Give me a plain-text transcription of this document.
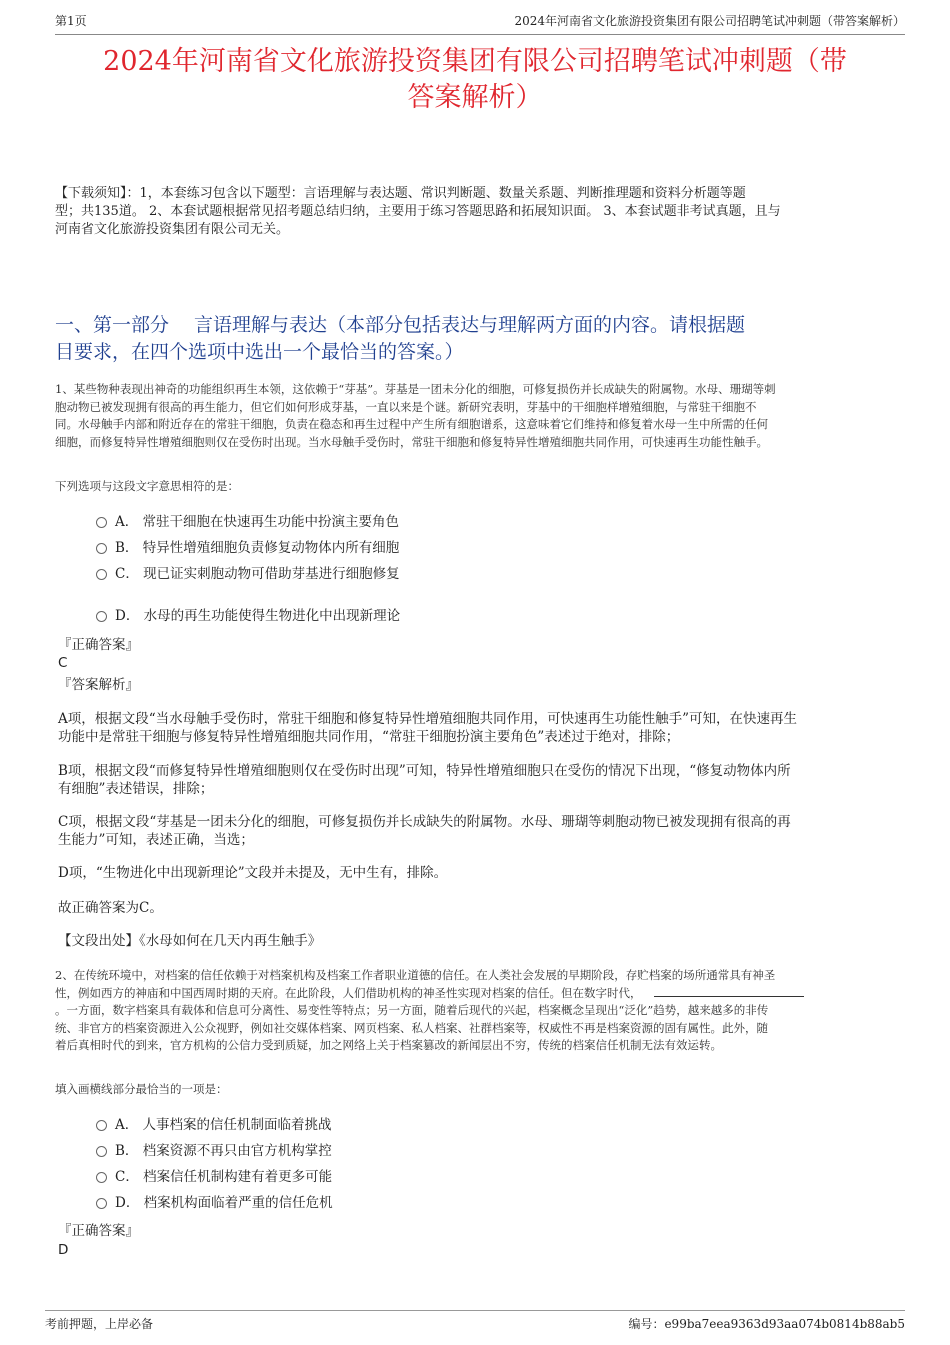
第1页	2024年河南省文化旅游投资集团有限公司招聘笔试冲刺题（带答案解析）
2024年河南省文化旅游投资集团有限公司招聘笔试冲刺题（带
答案解析）
【下载须知】：1，本套练习包含以下题型：言语理解与表达题、常识判断题、数量关系题、判断推理题和资料分析题等题
型；共135道。 2、本套试题根据常见招考题总结归纳，主要用于练习答题思路和拓展知识面。 3、本套试题非考试真题，且与
河南省文化旅游投资集团有限公司无关。
一、第一部分　 言语理解与表达（本部分包括表达与理解两方面的内容。请根据题
目要求，在四个选项中选出一个最恰当的答案。）
1、某些物种表现出神奇的功能组织再生本领，这依赖于“芽基”。芽基是一团未分化的细胞，可修复损伤并长成缺失的附属物。水母、珊瑚等刺
胞动物已被发现拥有很高的再生能力，但它们如何形成芽基，一直以来是个谜。新研究表明，芽基中的干细胞样增殖细胞，与常驻干细胞不
同。水母触手内部和附近存在的常驻干细胞，负责在稳态和再生过程中产生所有细胞谱系，这意味着它们维持和修复着水母一生中所需的任何
细胞，而修复特异性增殖细胞则仅在受伤时出现。当水母触手受伤时，常驻干细胞和修复特异性增殖细胞共同作用，可快速再生功能性触手。
下列选项与这段文字意思相符的是：
A． 常驻干细胞在快速再生功能中扮演主要角色
B． 特异性增殖细胞负责修复动物体内所有细胞
C． 现已证实刺胞动物可借助芽基进行细胞修复
D． 水母的再生功能使得生物进化中出现新理论
『正确答案』
C
『答案解析』
A项，根据文段“当水母触手受伤时，常驻干细胞和修复特异性增殖细胞共同作用，可快速再生功能性触手”可知，在快速再生
功能中是常驻干细胞与修复特异性增殖细胞共同作用，“常驻干细胞扮演主要角色”表述过于绝对，排除；
B项，根据文段“而修复特异性增殖细胞则仅在受伤时出现”可知，特异性增殖细胞只在受伤的情况下出现，“修复动物体内所
有细胞”表述错误，排除；
C项，根据文段“芽基是一团未分化的细胞，可修复损伤并长成缺失的附属物。水母、珊瑚等刺胞动物已被发现拥有很高的再
生能力”可知，表述正确，当选；
D项，“生物进化中出现新理论”文段并未提及，无中生有，排除。
故正确答案为C。
【文段出处】《水母如何在几天内再生触手》
2、在传统环境中，对档案的信任依赖于对档案机构及档案工作者职业道德的信任。在人类社会发展的早期阶段，存贮档案的场所通常具有神圣
性，例如西方的神庙和中国西周时期的天府。在此阶段，人们借助机构的神圣性实现对档案的信任。但在数字时代，
。一方面，数字档案具有载体和信息可分离性、易变性等特点；另一方面，随着后现代的兴起，档案概念呈现出“泛化”趋势，越来越多的非传
统、非官方的档案资源进入公众视野，例如社交媒体档案、网页档案、私人档案、社群档案等，权威性不再是档案资源的固有属性。此外，随
着后真相时代的到来，官方机构的公信力受到质疑，加之网络上关于档案篡改的新闻层出不穷，传统的档案信任机制无法有效运转。
填入画横线部分最恰当的一项是：
A． 人事档案的信任机制面临着挑战
B． 档案资源不再只由官方机构掌控
C． 档案信任机制构建有着更多可能
D． 档案机构面临着严重的信任危机
『正确答案』
D
考前押题，上岸必备	编号：e99ba7eea9363d93aa074b0814b88ab5
